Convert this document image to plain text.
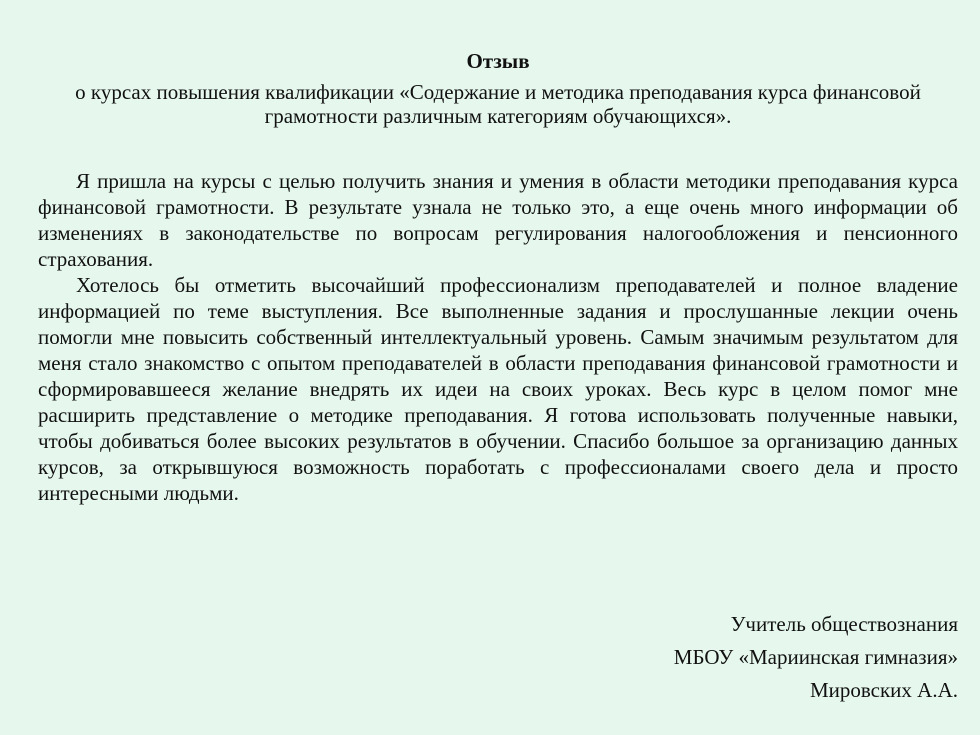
Отзыв
о курсах повышения квалификации «Содержание и методика преподавания курса финансовой грамотности различным категориям обучающихся».

Я пришла на курсы с целью получить знания и умения в области методики преподавания курса финансовой грамотности. В результате узнала не только это, а еще очень много информации об изменениях в законодательстве по вопросам регулирования налогообложения и пенсионного страхования.

Хотелось бы отметить высочайший профессионализм преподавателей и полное владение информацией по теме выступления. Все выполненные задания и прослушанные лекции очень помогли мне повысить собственный интеллектуальный уровень. Самым значимым результатом для меня стало знакомство с опытом преподавателей в области преподавания финансовой грамотности и сформировавшееся желание внедрять их идеи на своих уроках. Весь курс в целом помог мне расширить представление о методике преподавания. Я готова использовать полученные навыки, чтобы добиваться более высоких результатов в обучении. Спасибо большое за организацию данных курсов, за открывшуюся возможность поработать с профессионалами своего дела и просто интересными людьми.

Учитель обществознания
МБОУ «Мариинская гимназия»
Мировских А.А.
